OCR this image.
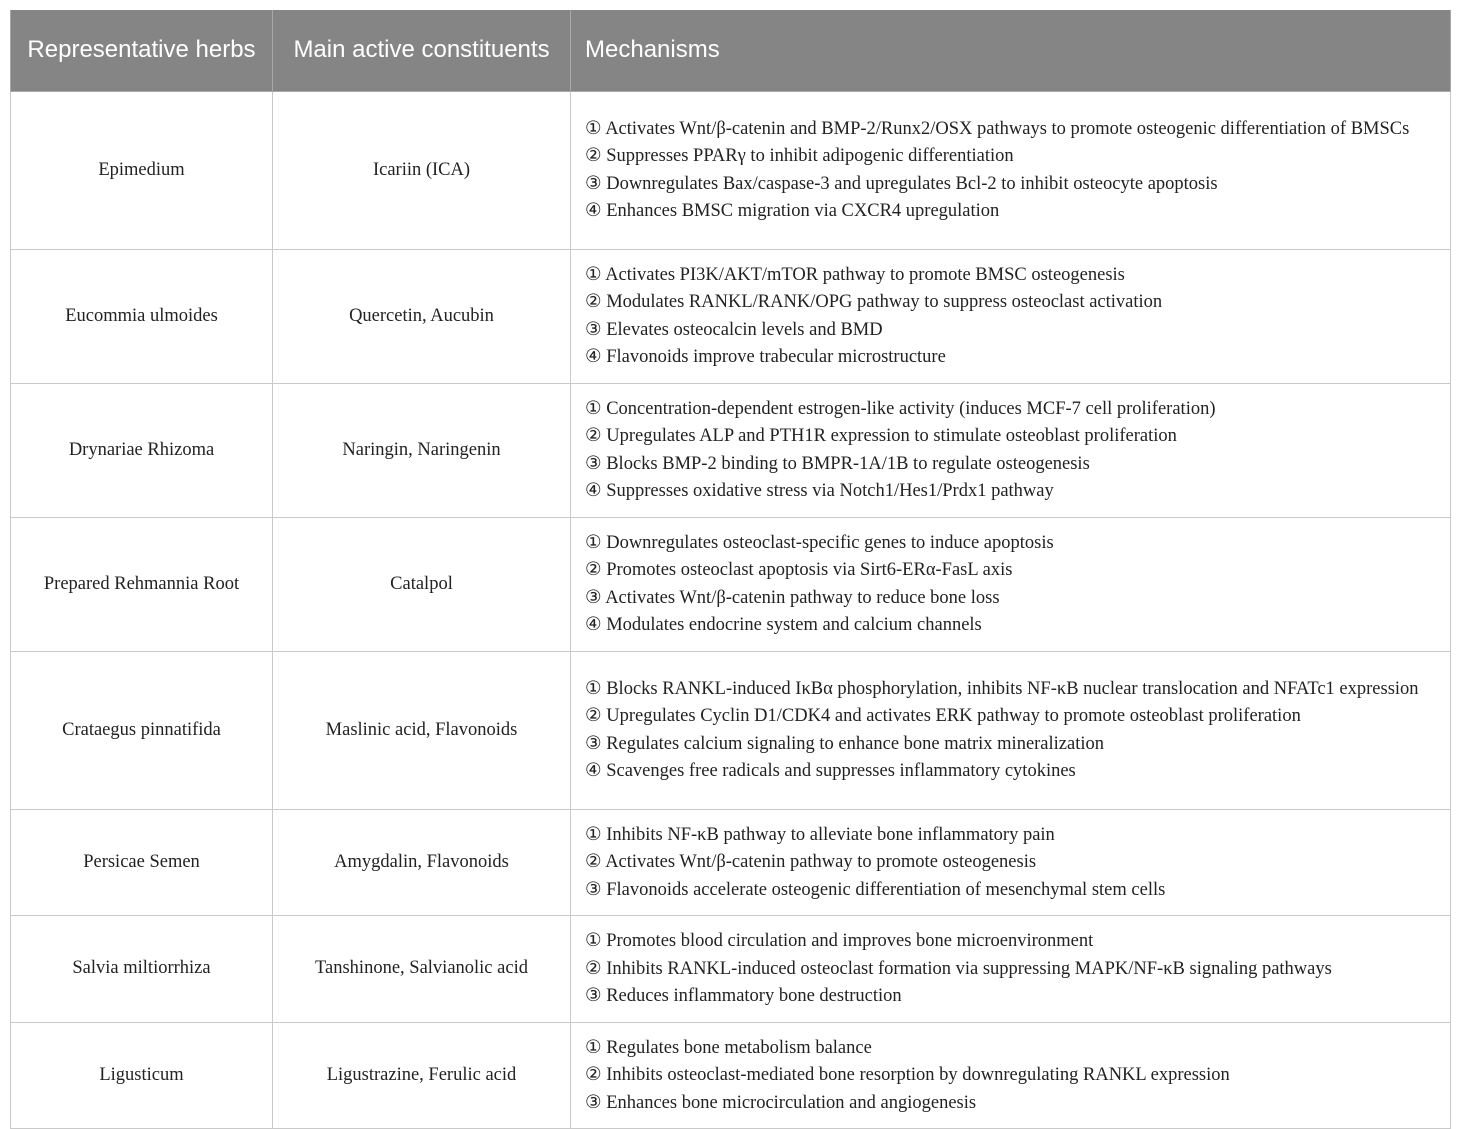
Representative herbs	Main active constituents	Mechanisms
Epimedium	Icariin (ICA)	① Activates Wnt/β-catenin and BMP-2/Runx2/OSX pathways to promote osteogenic differentiation of BMSCs
② Suppresses PPARγ to inhibit adipogenic differentiation
③ Downregulates Bax/caspase-3 and upregulates Bcl-2 to inhibit osteocyte apoptosis
④ Enhances BMSC migration via CXCR4 upregulation

Eucommia ulmoides	Quercetin, Aucubin	① Activates PI3K/AKT/mTOR pathway to promote BMSC osteogenesis
② Modulates RANKL/RANK/OPG pathway to suppress osteoclast activation
③ Elevates osteocalcin levels and BMD
④ Flavonoids improve trabecular microstructure

Drynariae Rhizoma	Naringin, Naringenin	① Concentration-dependent estrogen-like activity (induces MCF-7 cell proliferation)
② Upregulates ALP and PTH1R expression to stimulate osteoblast proliferation
③ Blocks BMP-2 binding to BMPR-1A/1B to regulate osteogenesis
④ Suppresses oxidative stress via Notch1/Hes1/Prdx1 pathway

Prepared Rehmannia Root	Catalpol	① Downregulates osteoclast-specific genes to induce apoptosis
② Promotes osteoclast apoptosis via Sirt6-ERα-FasL axis
③ Activates Wnt/β-catenin pathway to reduce bone loss
④ Modulates endocrine system and calcium channels

Crataegus pinnatifida	Maslinic acid, Flavonoids	① Blocks RANKL-induced IκBα phosphorylation, inhibits NF-κB nuclear translocation and NFATc1 expression
② Upregulates Cyclin D1/CDK4 and activates ERK pathway to promote osteoblast proliferation
③ Regulates calcium signaling to enhance bone matrix mineralization
④ Scavenges free radicals and suppresses inflammatory cytokines

Persicae Semen	Amygdalin, Flavonoids	① Inhibits NF-κB pathway to alleviate bone inflammatory pain
② Activates Wnt/β-catenin pathway to promote osteogenesis
③ Flavonoids accelerate osteogenic differentiation of mesenchymal stem cells

Salvia miltiorrhiza	Tanshinone, Salvianolic acid	① Promotes blood circulation and improves bone microenvironment
② Inhibits RANKL-induced osteoclast formation via suppressing MAPK/NF-κB signaling pathways
③ Reduces inflammatory bone destruction

Ligusticum	Ligustrazine, Ferulic acid	① Regulates bone metabolism balance
② Inhibits osteoclast-mediated bone resorption by downregulating RANKL expression
③ Enhances bone microcirculation and angiogenesis
